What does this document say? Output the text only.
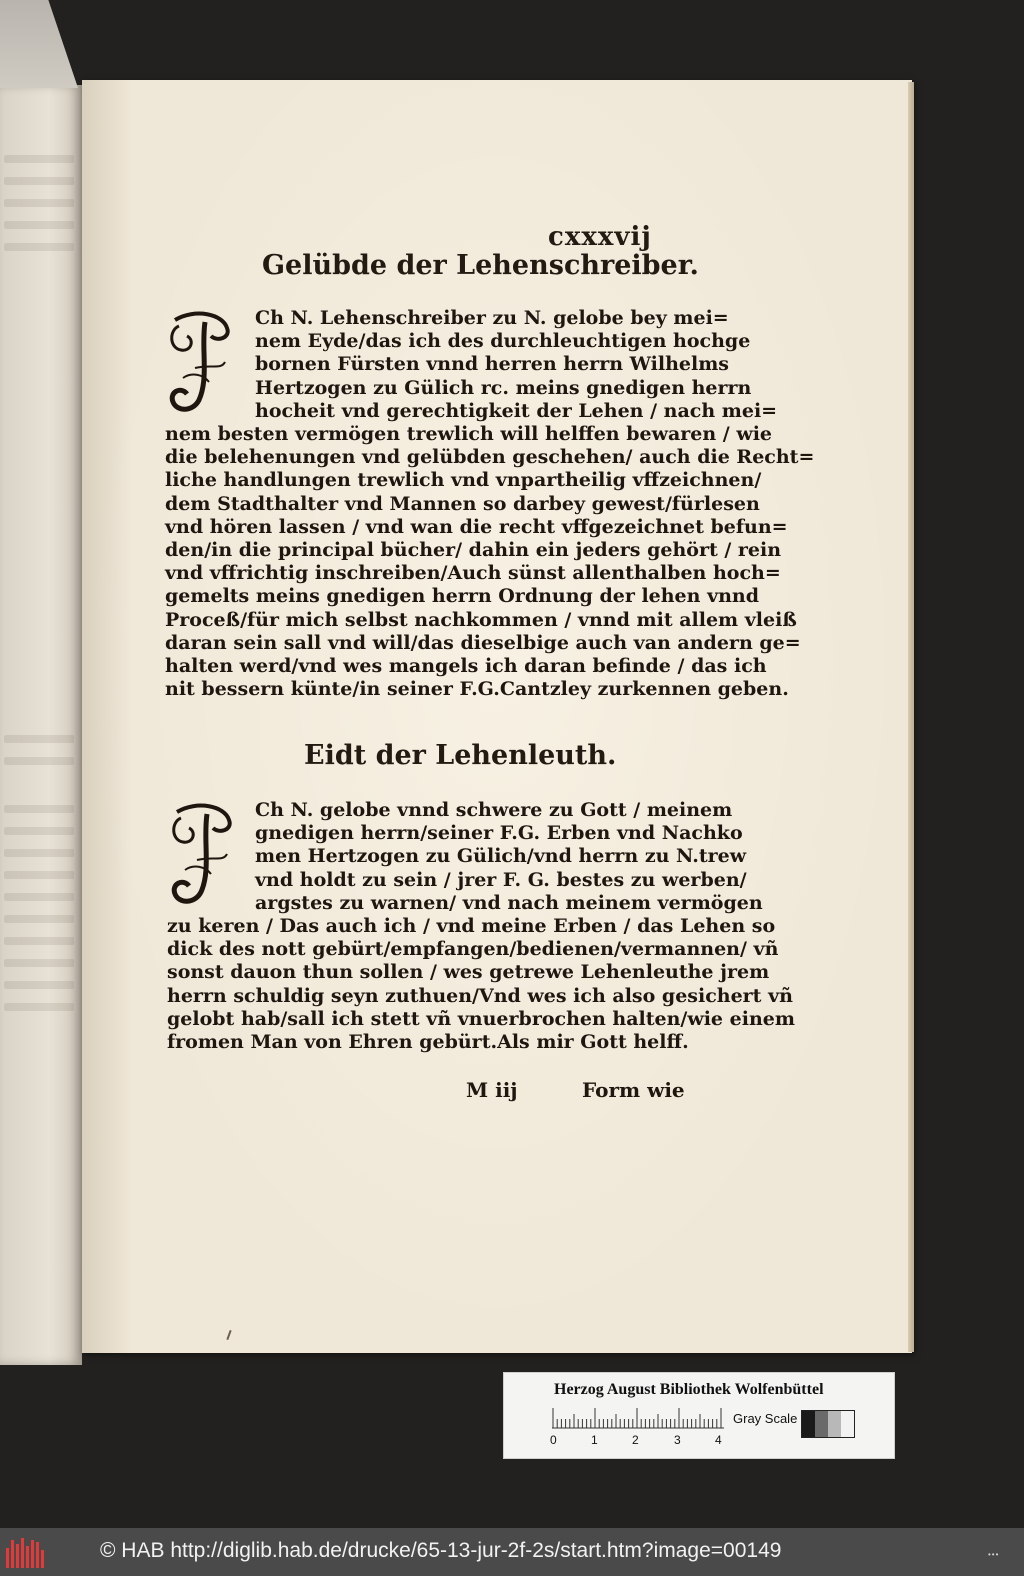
cxxxvij
Gelübde der Lehenschreiber.
Ch N. Lehenschreiber zu N. gelobe bey mei=
nem Eyde/das ich des durchleuchtigen hochge
bornen Fürsten vnnd herren herrn Wilhelms
Hertzogen zu Gülich rc. meins gnedigen herrn
hocheit vnd gerechtigkeit der Lehen / nach mei=
nem besten vermögen trewlich will helffen bewaren / wie
die belehenungen vnd gelübden geschehen/ auch die Recht=
liche handlungen trewlich vnd vnpartheilig vffzeichnen/
dem Stadthalter vnd Mannen so darbey gewest/fürlesen
vnd hören lassen / vnd wan die recht vffgezeichnet befun=
den/in die principal bücher/ dahin ein jeders gehört / rein
vnd vffrichtig inschreiben/Auch sünst allenthalben hoch=
gemelts meins gnedigen herrn Ordnung der lehen vnnd
Proceß/für mich selbst nachkommen / vnnd mit allem vleiß
daran sein sall vnd will/das dieselbige auch van andern ge=
halten werd/vnd wes mangels ich daran befinde / das ich
nit bessern künte/in seiner F.G.Cantzley zurkennen geben.
Eidt der Lehenleuth.
Ch N. gelobe vnnd schwere zu Gott / meinem
gnedigen herrn/seiner F.G. Erben vnd Nachko
men Hertzogen zu Gülich/vnd herrn zu N.trew
vnd holdt zu sein / jrer F. G. bestes zu werben/
argstes zu warnen/ vnd nach meinem vermögen
zu keren / Das auch ich / vnd meine Erben / das Lehen so
dick des nott gebürt/empfangen/bedienen/vermannen/ vñ
sonst dauon thun sollen / wes getrewe Lehenleuthe jrem
herrn schuldig seyn zuthuen/Vnd wes ich also gesichert vñ
gelobt hab/sall ich stett vñ vnuerbrochen halten/wie einem
fromen Man von Ehren gebürt.Als mir Gott helff.
M iij	Form wie
Herzog August Bibliothek Wolfenbüttel
0	1	2	3	4
Gray Scale
© HAB http://diglib.hab.de/drucke/65-13-jur-2f-2s/start.htm?image=00149	•••
